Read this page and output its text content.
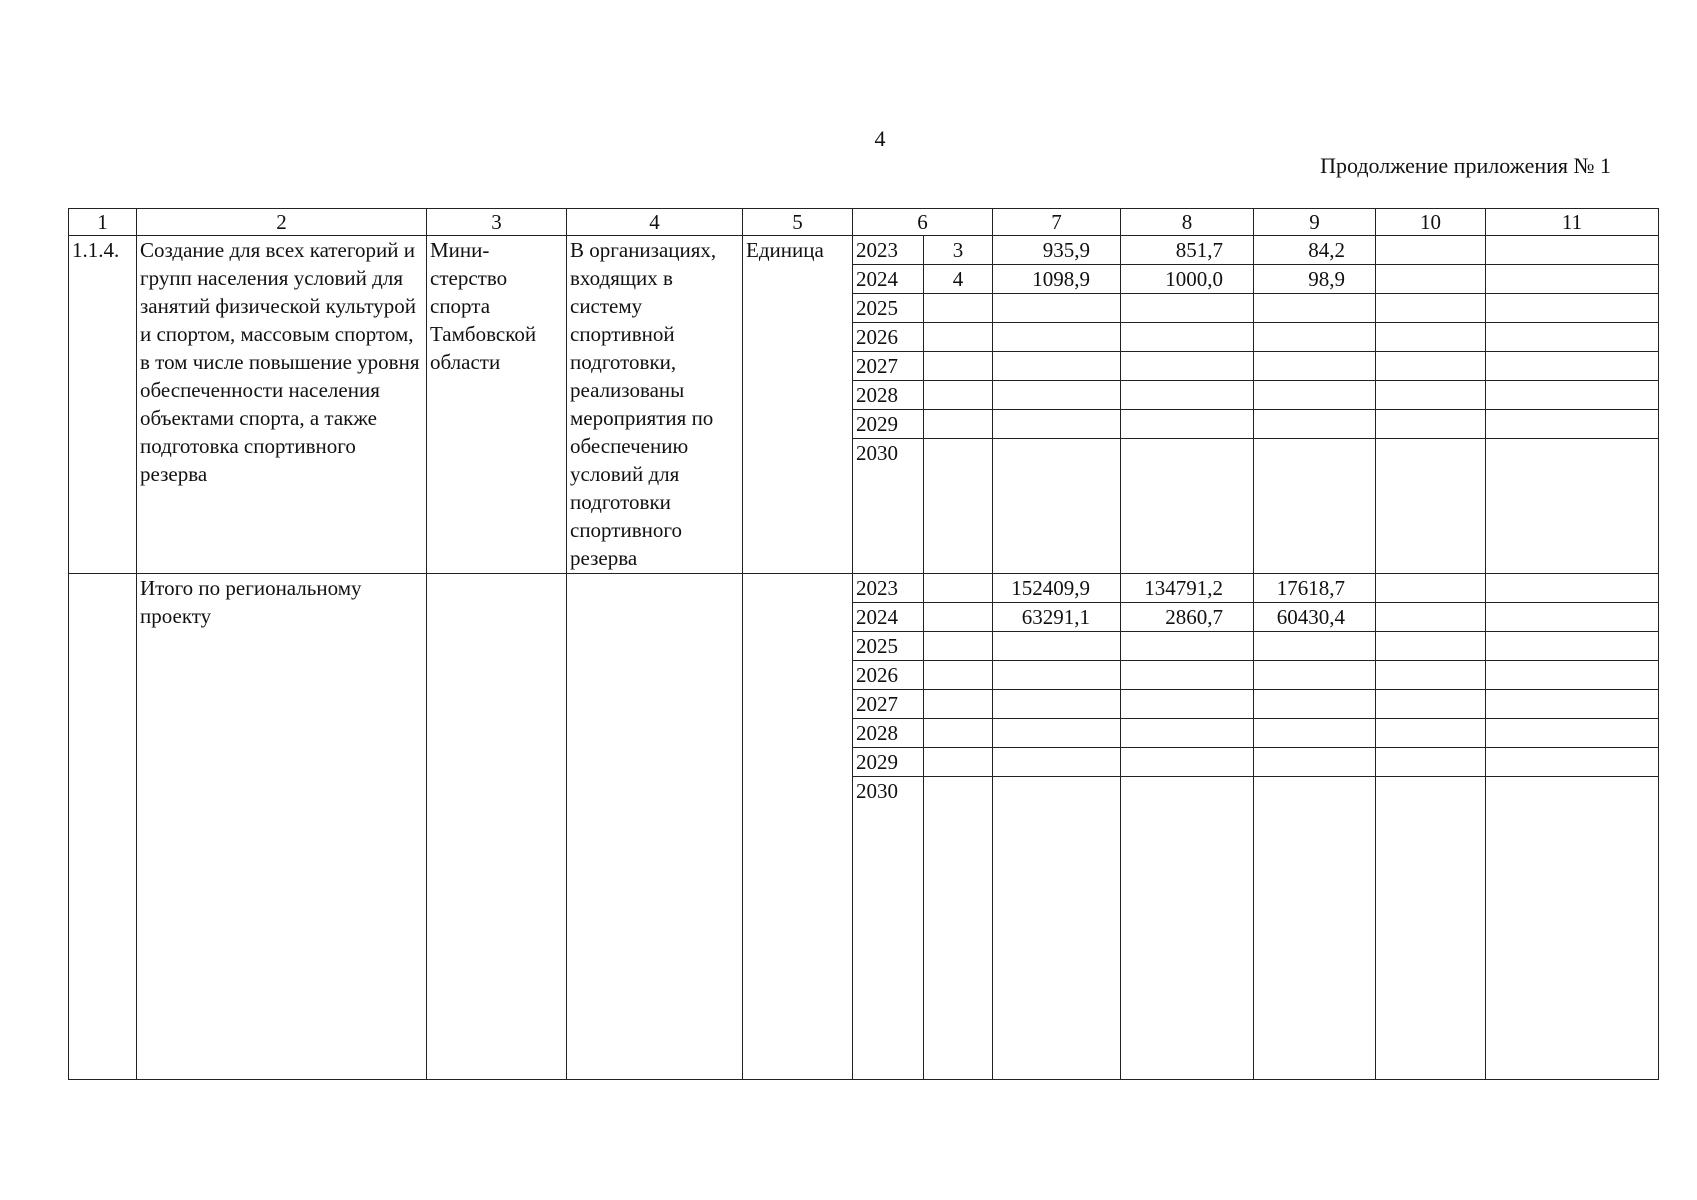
4
Продолжение приложения № 1
1	2	3	4	5	6		7	8	9	10	11
1.1.4.	Создание для всех категорий и групп населения условий для занятий физической культурой и спортом, массовым спортом, в том числе повышение уровня обеспеченности населения объектами спорта, а также подготовка спортивного резерва	Мини-стерство спорта Тамбовской области	В организациях, входящих в систему спортивной подготовки, реализованы мероприятия по обеспечению условий для подготовки спортивного резерва	Единица	2023	3	935,9	851,7	84,2		
					2024	4	1098,9	1000,0	98,9		
					2025						
					2026						
					2027						
					2028						
					2029						
					2030						
	Итого по региональному проекту				2023		152409,9	134791,2	17618,7		
					2024		63291,1	2860,7	60430,4		
					2025						
					2026						
					2027						
					2028						
					2029						
					2030						
